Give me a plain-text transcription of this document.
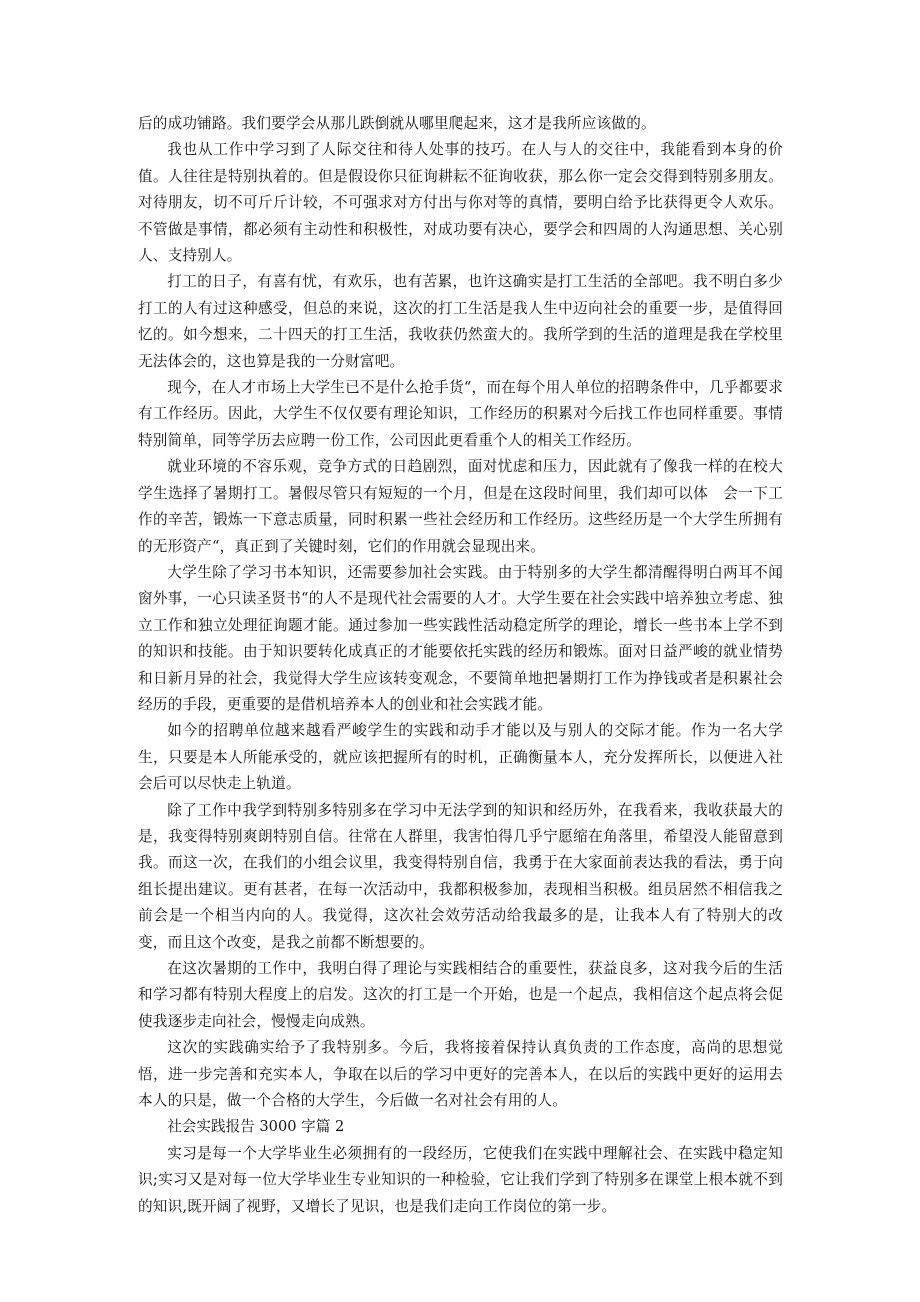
后的成功铺路。我们要学会从那儿跌倒就从哪里爬起来，这才是我所应该做的。

我也从工作中学习到了人际交往和待人处事的技巧。在人与人的交往中，我能看到本身的价值。人往往是特别执着的。但是假设你只征询耕耘不征询收获，那么你一定会交得到特别多朋友。对待朋友，切不可斤斤计较，不可强求对方付出与你对等的真情，要明白给予比获得更令人欢乐。不管做是事情，都必须有主动性和积极性，对成功要有决心，要学会和四周的人沟通思想、关心别人、支持别人。

打工的日子，有喜有忧，有欢乐，也有苦累，也许这确实是打工生活的全部吧。我不明白多少打工的人有过这种感受，但总的来说，这次的打工生活是我人生中迈向社会的重要一步，是值得回忆的。如今想来，二十四天的打工生活，我收获仍然蛮大的。我所学到的生活的道理是我在学校里无法体会的，这也算是我的一分财富吧。

现今，在人才市场上大学生已不是什么抢手货“，而在每个用人单位的招聘条件中，几乎都要求有工作经历。因此，大学生不仅仅要有理论知识，工作经历的积累对今后找工作也同样重要。事情特别简单，同等学历去应聘一份工作，公司因此更看重个人的相关工作经历。

就业环境的不容乐观，竞争方式的日趋剧烈，面对忧虑和压力，因此就有了像我一样的在校大学生选择了暑期打工。暑假尽管只有短短的一个月，但是在这段时间里，我们却可以体　会一下工作的辛苦，锻炼一下意志质量，同时积累一些社会经历和工作经历。这些经历是一个大学生所拥有的无形资产“，真正到了关键时刻，它们的作用就会显现出来。

大学生除了学习书本知识，还需要参加社会实践。由于特别多的大学生都清醒得明白两耳不闻窗外事，一心只读圣贤书“的人不是现代社会需要的人才。大学生要在社会实践中培养独立考虑、独立工作和独立处理征询题才能。通过参加一些实践性活动稳定所学的理论，增长一些书本上学不到的知识和技能。由于知识要转化成真正的才能要依托实践的经历和锻炼。面对日益严峻的就业情势和日新月异的社会，我觉得大学生应该转变观念，不要简单地把暑期打工作为挣钱或者是积累社会经历的手段，更重要的是借机培养本人的创业和社会实践才能。

如今的招聘单位越来越看严峻学生的实践和动手才能以及与别人的交际才能。作为一名大学生，只要是本人所能承受的，就应该把握所有的时机，正确衡量本人，充分发挥所长，以便进入社会后可以尽快走上轨道。

除了工作中我学到特别多特别多在学习中无法学到的知识和经历外，在我看来，我收获最大的是，我变得特别爽朗特别自信。往常在人群里，我害怕得几乎宁愿缩在角落里，希望没人能留意到我。而这一次，在我们的小组会议里，我变得特别自信，我勇于在大家面前表达我的看法，勇于向组长提出建议。更有甚者，在每一次活动中，我都积极参加，表现相当积极。组员居然不相信我之前会是一个相当内向的人。我觉得，这次社会效劳活动给我最多的是，让我本人有了特别大的改变，而且这个改变，是我之前都不断想要的。

在这次暑期的工作中，我明白得了理论与实践相结合的重要性，获益良多，这对我今后的生活和学习都有特别大程度上的启发。这次的打工是一个开始，也是一个起点，我相信这个起点将会促使我逐步走向社会，慢慢走向成熟。

这次的实践确实给予了我特别多。今后，我将接着保持认真负责的工作态度，高尚的思想觉悟，进一步完善和充实本人，争取在以后的学习中更好的完善本人，在以后的实践中更好的运用去本人的只是，做一个合格的大学生，今后做一名对社会有用的人。

社会实践报告 3000 字篇 2

实习是每一个大学毕业生必须拥有的一段经历，它使我们在实践中理解社会、在实践中稳定知识;实习又是对每一位大学毕业生专业知识的一种检验，它让我们学到了特别多在课堂上根本就不到的知识,既开阔了视野，又增长了见识，也是我们走向工作岗位的第一步。
